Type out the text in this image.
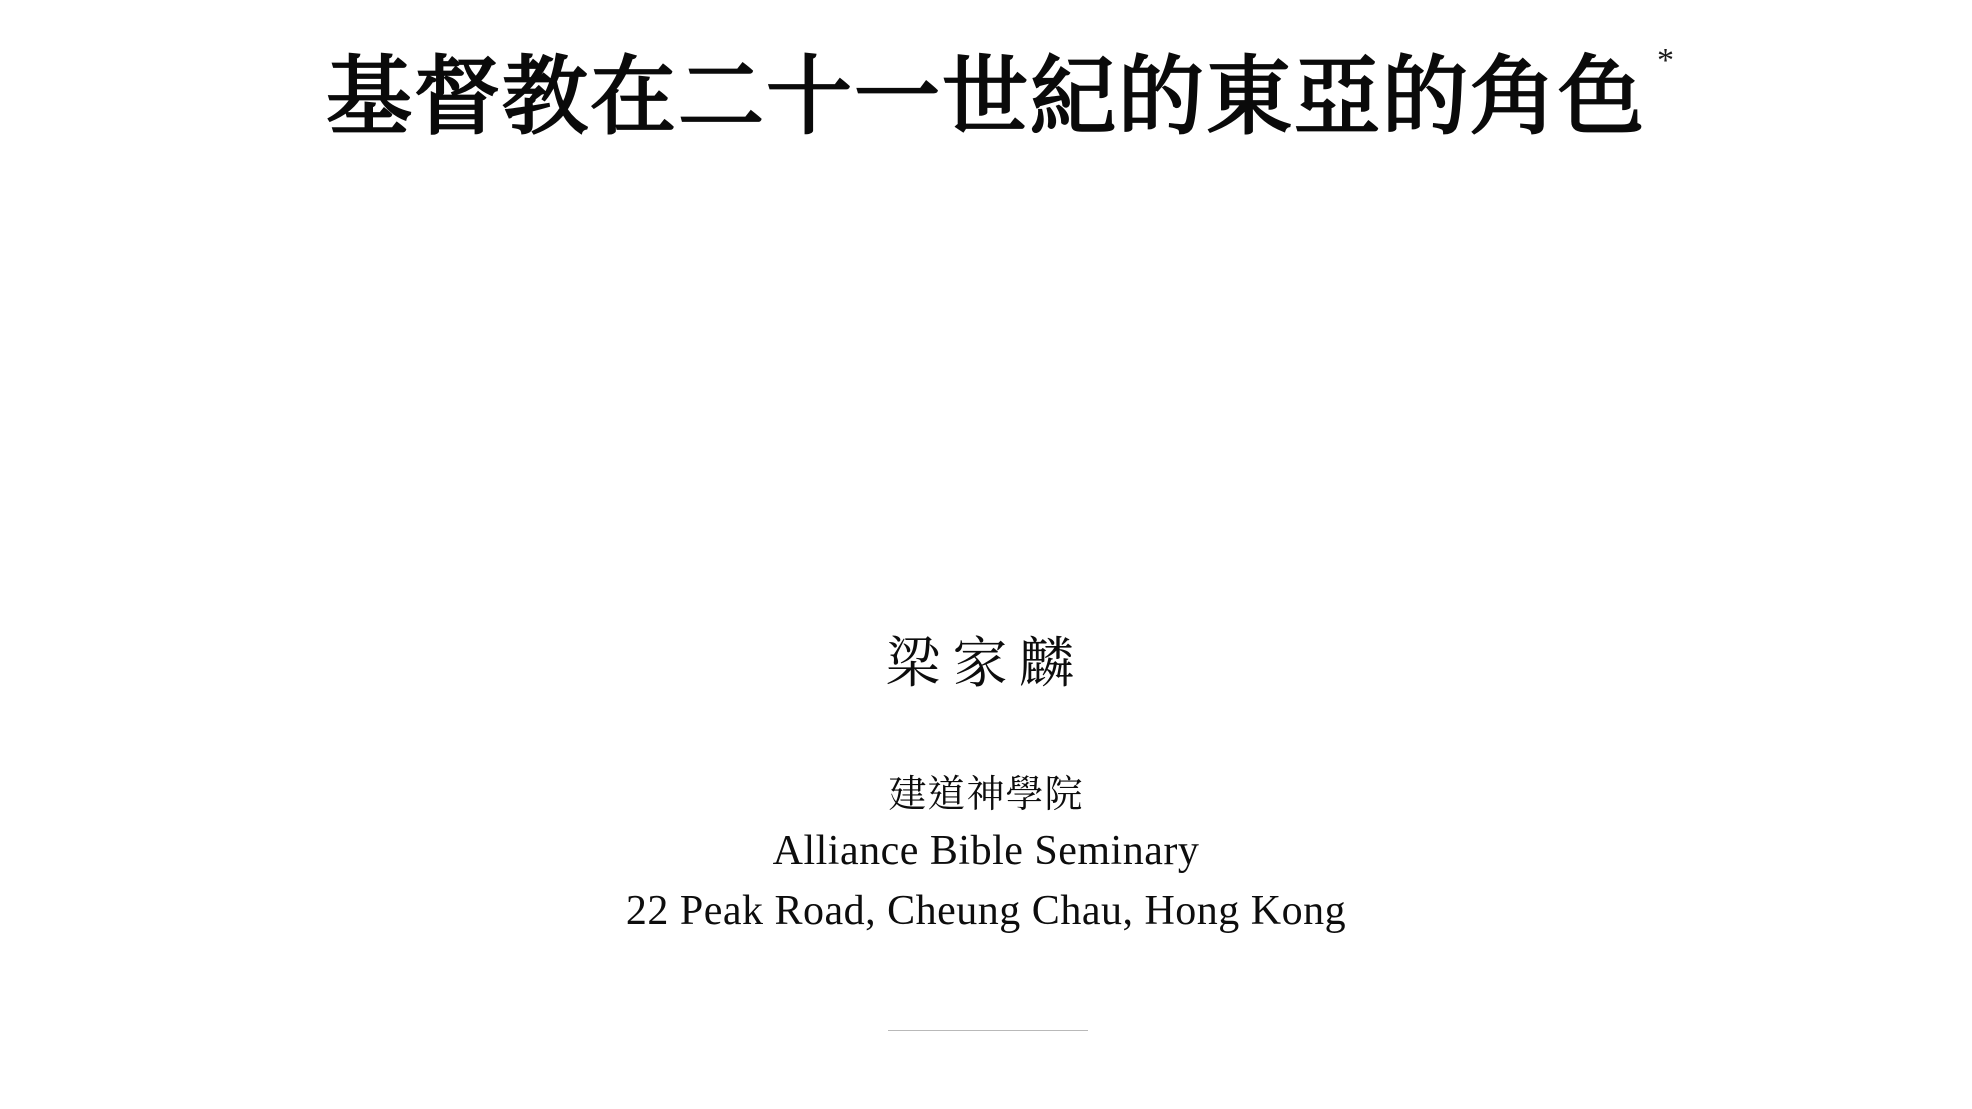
基督教在二十一世紀的東亞的角色 *
梁家麟
建道神學院
Alliance Bible Seminary
22 Peak Road, Cheung Chau, Hong Kong
